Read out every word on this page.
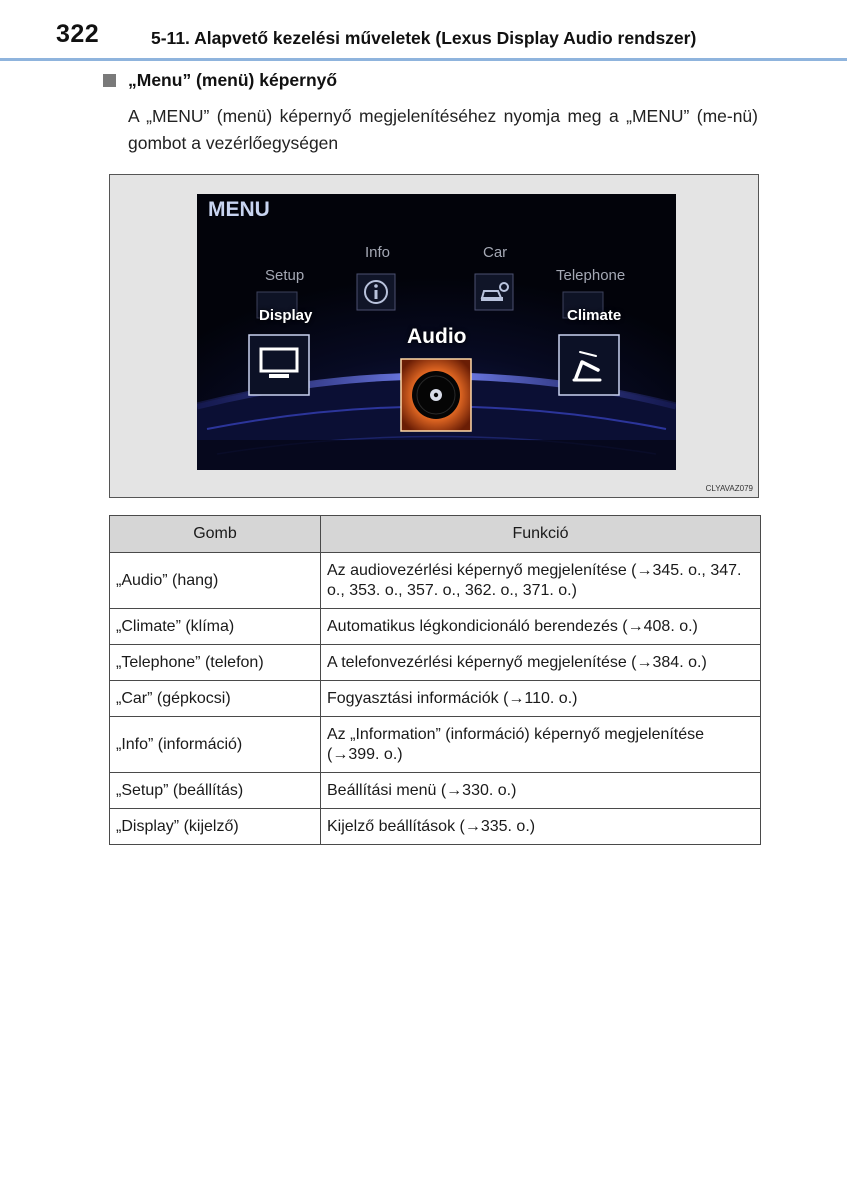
322	5-11. Alapvető kezelési műveletek (Lexus Display Audio rendszer)
„Menu” (menü) képernyő
A „MENU” (menü) képernyő megjelenítéséhez nyomja meg a „MENU” (me-nü) gombot a vezérlőegységen
MENU
Info	Car
Setup	Telephone
Display	Climate
Audio
CLYAVAZ079
Gomb	Funkció
„Audio” (hang)	Az audiovezérlési képernyő megjelenítése (→345. o., 347. o., 353. o., 357. o., 362. o., 371. o.)
„Climate” (klíma)	Automatikus légkondicionáló berendezés (→408. o.)
„Telephone” (telefon)	A telefonvezérlési képernyő megjelenítése (→384. o.)
„Car” (gépkocsi)	Fogyasztási információk (→110. o.)
„Info” (információ)	Az „Information” (információ) képernyő megjelenítése (→399. o.)
„Setup” (beállítás)	Beállítási menü (→330. o.)
„Display” (kijelző)	Kijelző beállítások (→335. o.)
